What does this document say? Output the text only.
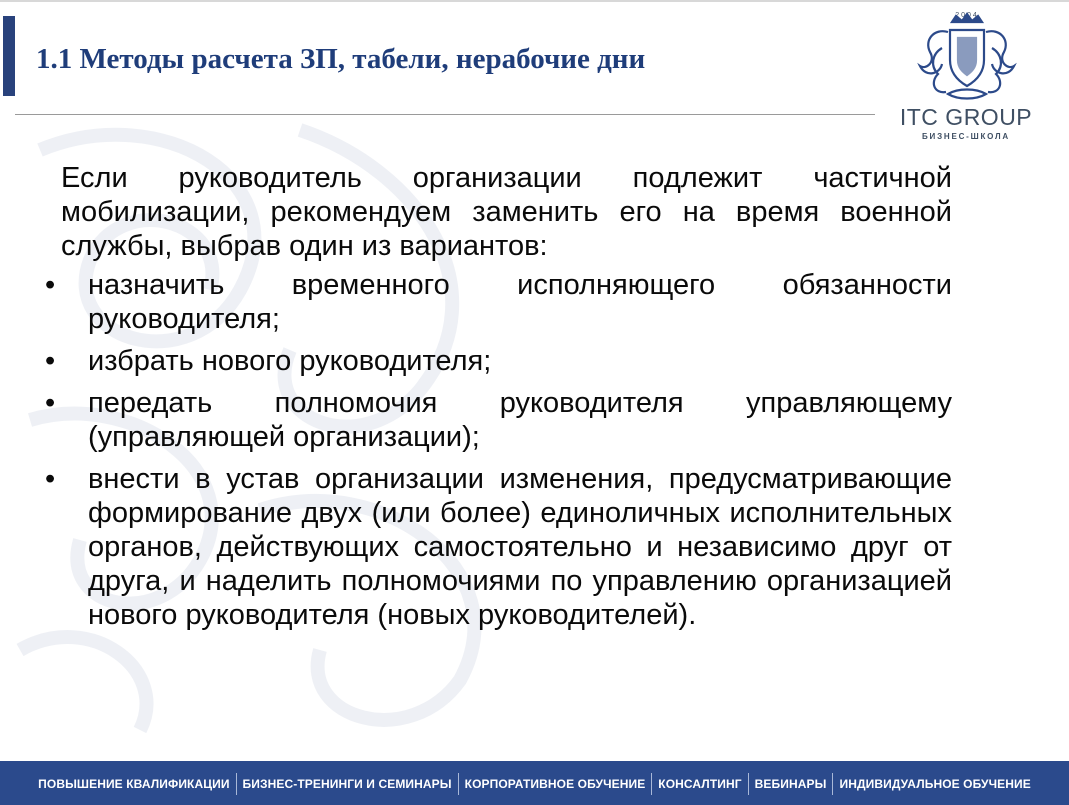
1.1 Методы расчета ЗП, табели, нерабочие дни
ITC GROUP
БИЗНЕС-ШКОЛА

Если руководитель организации подлежит частичной мобилизации, рекомендуем заменить его на время военной службы, выбрав один из вариантов:

•	назначить временного исполняющего обязанности руководителя;
•	избрать нового руководителя;
•	передать полномочия руководителя управляющему (управляющей организации);
•	внести в устав организации изменения, предусматривающие формирование двух (или более) единоличных исполнительных органов, действующих самостоятельно и независимо друг от друга, и наделить полномочиями по управлению организацией нового руководителя (новых руководителей).
ПОВЫШЕНИЕ КВАЛИФИКАЦИИ	БИЗНЕС-ТРЕНИНГИ И СЕМИНАРЫ	КОРПОРАТИВНОЕ ОБУЧЕНИЕ	КОНСАЛТИНГ	ВЕБИНАРЫ	ИНДИВИДУАЛЬНОЕ ОБУЧЕНИЕ
